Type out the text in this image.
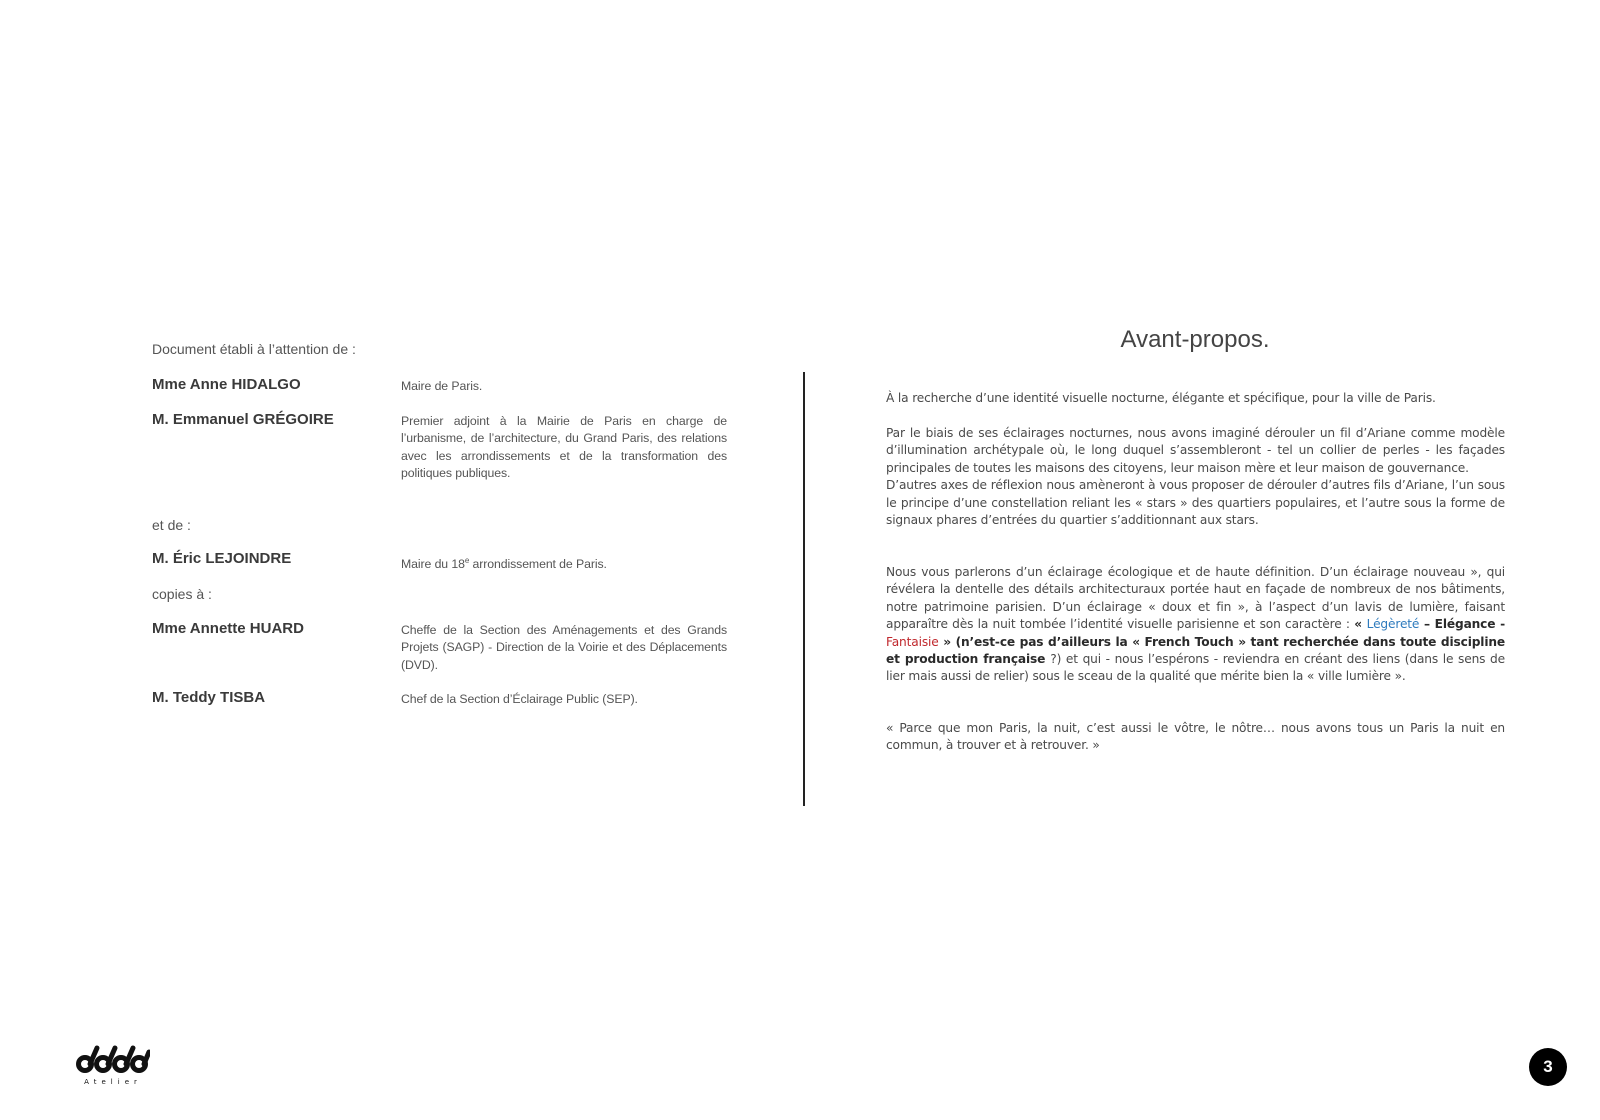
Document établi à l’attention de :
Mme Anne HIDALGO	Maire de Paris.
M. Emmanuel GRÉGOIRE	Premier adjoint à la Mairie de Paris en charge de l’urbanisme, de l’architecture, du Grand Paris, des relations avec les arrondissements et de la transformation des politiques publiques.
et de :
M. Éric LEJOINDRE	Maire du 18e arrondissement de Paris.
copies à :
Mme Annette HUARD	Cheffe de la Section des Aménagements et des Grands Projets (SAGP) - Direction de la Voirie et des Déplacements (DVD).
M. Teddy TISBA	Chef de la Section d’Éclairage Public (SEP).
Avant-propos.

À la recherche d’une identité visuelle nocturne, élégante et spécifique, pour la ville de Paris.

Par le biais de ses éclairages nocturnes, nous avons imaginé dérouler un fil d’Ariane comme modèle d’illumination archétypale où, le long duquel s’assembleront - tel un collier de perles - les façades principales de toutes les maisons des citoyens, leur maison mère et leur maison de gouvernance.
D’autres axes de réflexion nous amèneront à vous proposer de dérouler d’autres fils d’Ariane, l’un sous le principe d’une constellation reliant les « stars » des quartiers populaires, et l’autre sous la forme de signaux phares d’entrées du quartier s’additionnant aux stars.

Nous vous parlerons d’un éclairage écologique et de haute définition. D’un éclairage nouveau », qui révélera la dentelle des détails architecturaux portée haut en façade de nombreux de nos bâtiments, notre patrimoine parisien. D’un éclairage « doux et fin », à l’aspect d’un lavis de lumière, faisant apparaître dès la nuit tombée l’identité visuelle parisienne et son caractère : « Légèreté – Elégance - Fantaisie » (n’est-ce pas d’ailleurs la « French Touch » tant recherchée dans toute discipline et production française ?) et qui - nous l’espérons - reviendra en créant des liens (dans le sens de lier mais aussi de relier) sous le sceau de la qualité que mérite bien la « ville lumière ».

« Parce que mon Paris, la nuit, c’est aussi le vôtre, le nôtre… nous avons tous un Paris la nuit en commun, à trouver et à retrouver. »

Atelier
3
